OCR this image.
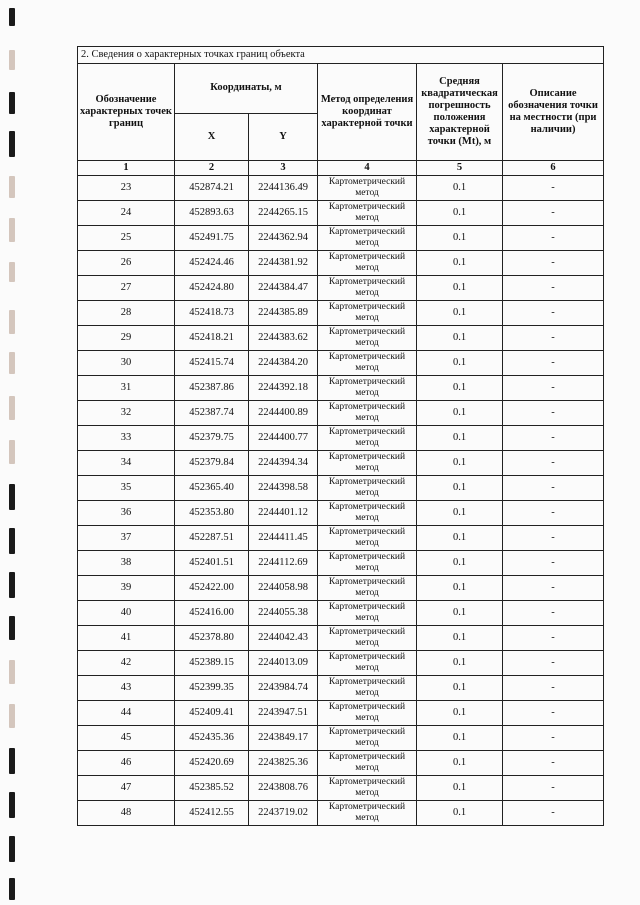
2. Сведения о характерных точках границ объекта					
Обозначение характерных точек границ	Координаты, м		Метод определения координат характерной точки	Средняя квадратическая погрешность положения характерной точки (Mt), м	Описание обозначения точки на местности (при наличии)
	X	Y			
1	2	3	4	5	6
23	452874.21	2244136.49	Картометрический метод	0.1	-
24	452893.63	2244265.15	Картометрический метод	0.1	-
25	452491.75	2244362.94	Картометрический метод	0.1	-
26	452424.46	2244381.92	Картометрический метод	0.1	-
27	452424.80	2244384.47	Картометрический метод	0.1	-
28	452418.73	2244385.89	Картометрический метод	0.1	-
29	452418.21	2244383.62	Картометрический метод	0.1	-
30	452415.74	2244384.20	Картометрический метод	0.1	-
31	452387.86	2244392.18	Картометрический метод	0.1	-
32	452387.74	2244400.89	Картометрический метод	0.1	-
33	452379.75	2244400.77	Картометрический метод	0.1	-
34	452379.84	2244394.34	Картометрический метод	0.1	-
35	452365.40	2244398.58	Картометрический метод	0.1	-
36	452353.80	2244401.12	Картометрический метод	0.1	-
37	452287.51	2244411.45	Картометрический метод	0.1	-
38	452401.51	2244112.69	Картометрический метод	0.1	-
39	452422.00	2244058.98	Картометрический метод	0.1	-
40	452416.00	2244055.38	Картометрический метод	0.1	-
41	452378.80	2244042.43	Картометрический метод	0.1	-
42	452389.15	2244013.09	Картометрический метод	0.1	-
43	452399.35	2243984.74	Картометрический метод	0.1	-
44	452409.41	2243947.51	Картометрический метод	0.1	-
45	452435.36	2243849.17	Картометрический метод	0.1	-
46	452420.69	2243825.36	Картометрический метод	0.1	-
47	452385.52	2243808.76	Картометрический метод	0.1	-
48	452412.55	2243719.02	Картометрический метод	0.1	-
